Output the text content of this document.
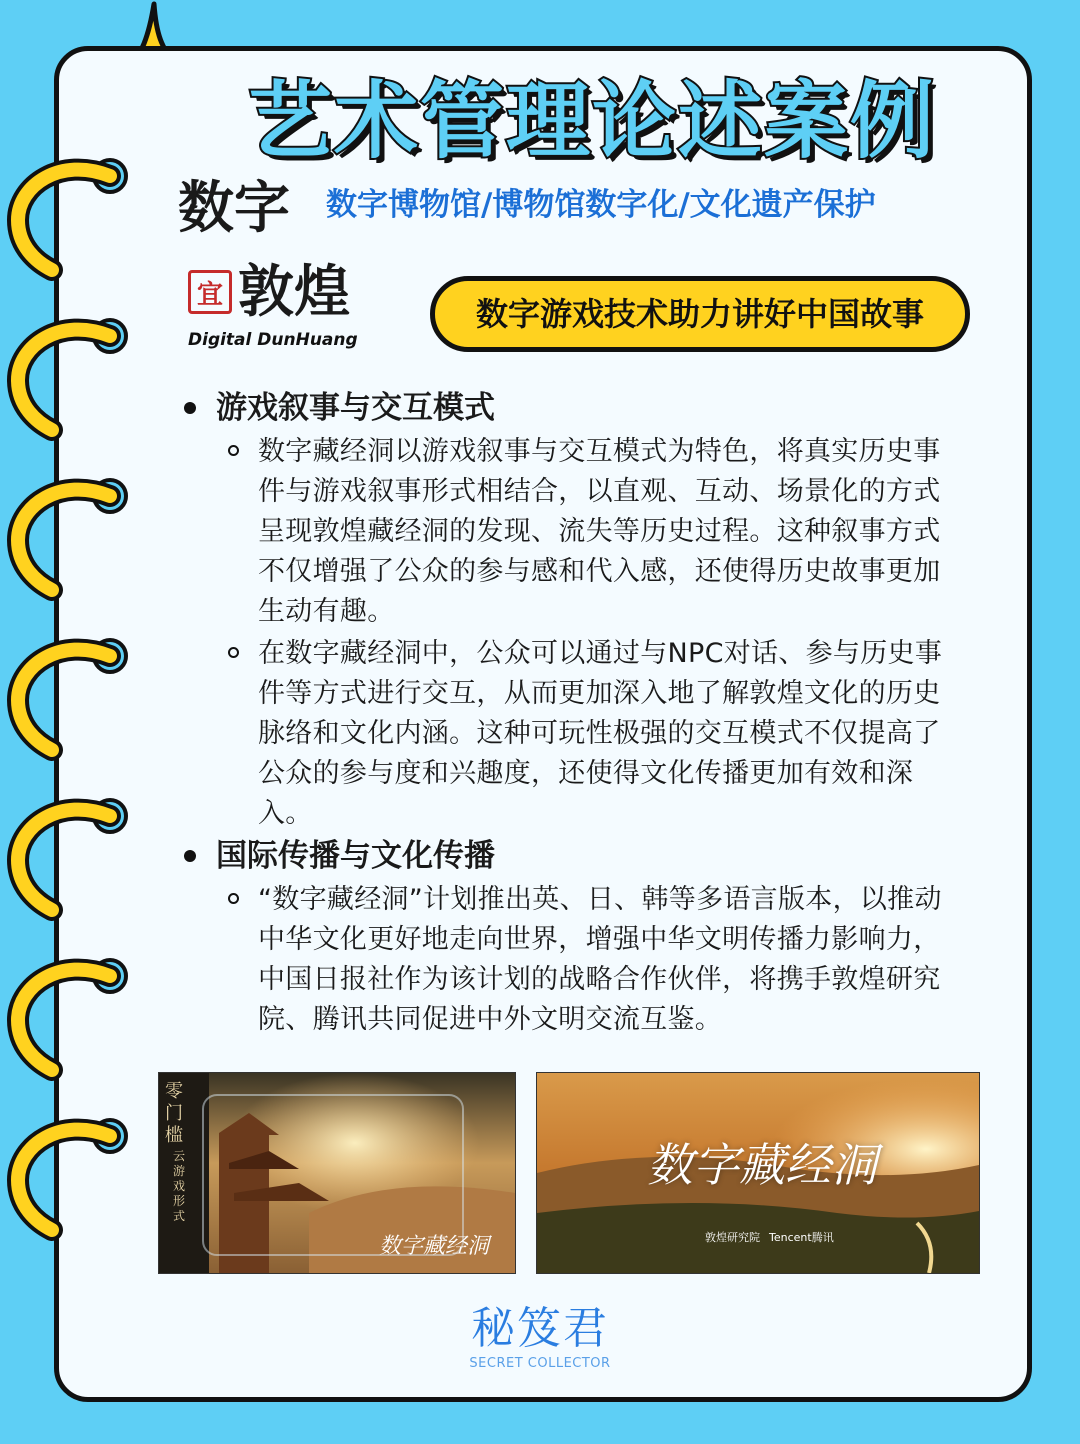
艺术管理论述案例
数字博物馆/博物馆数字化/文化遗产保护
数字
宜 敦煌
Digital DunHuang
数字游戏技术助力讲好中国故事
游戏叙事与交互模式
数字藏经洞以游戏叙事与交互模式为特色，将真实历史事件与游戏叙事形式相结合，以直观、互动、场景化的方式呈现敦煌藏经洞的发现、流失等历史过程。这种叙事方式不仅增强了公众的参与感和代入感，还使得历史故事更加生动有趣。
在数字藏经洞中，公众可以通过与NPC对话、参与历史事件等方式进行交互，从而更加深入地了解敦煌文化的历史脉络和文化内涵。这种可玩性极强的交互模式不仅提高了公众的参与度和兴趣度，还使得文化传播更加有效和深入。
国际传播与文化传播
“数字藏经洞”计划推出英、日、韩等多语言版本，以推动中华文化更好地走向世界，增强中华文明传播力影响力，中国日报社作为该计划的战略合作伙伴，将携手敦煌研究院、腾讯共同促进中外文明交流互鉴。
零门槛
云游戏形式
数字藏经洞
数字藏经洞
敦煌研究院 Tencent腾讯
秘笈君
SECRET COLLECTOR
